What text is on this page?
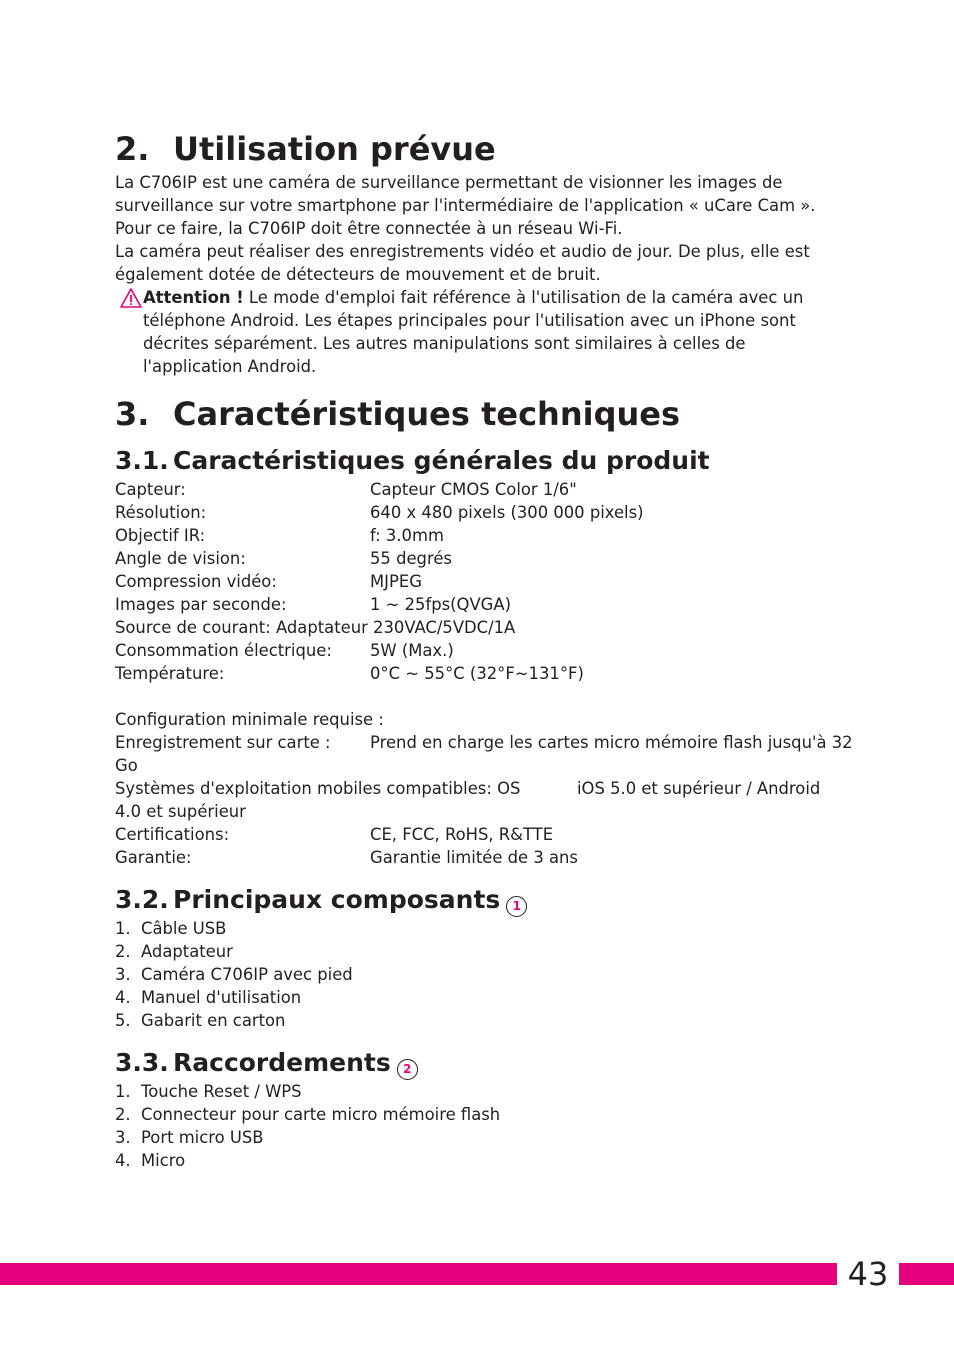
2. Utilisation prévue

La C706IP est une caméra de surveillance permettant de visionner les images de surveillance sur votre smartphone par l'intermédiaire de l'application « uCare Cam ». Pour ce faire, la C706IP doit être connectée à un réseau Wi-Fi.

La caméra peut réaliser des enregistrements vidéo et audio de jour. De plus, elle est également dotée de détecteurs de mouvement et de bruit.

Attention ! Le mode d'emploi fait référence à l'utilisation de la caméra avec un téléphone Android. Les étapes principales pour l'utilisation avec un iPhone sont décrites séparément. Les autres manipulations sont similaires à celles de l'application Android.
3. Caractéristiques techniques
3.1. Caractéristiques générales du produit
Capteur:	Capteur CMOS Color 1/6"
Résolution:	640 x 480 pixels (300 000 pixels)
Objectif IR:	f: 3.0mm
Angle de vision:	55 degrés
Compression vidéo:	MJPEG
Images par seconde:	1 ~ 25fps(QVGA)
Source de courant: Adaptateur 230VAC/5VDC/1A
Consommation électrique:	5W (Max.)
Température:	0°C ~ 55°C (32°F~131°F)
Configuration minimale requise :
Enregistrement sur carte :	Prend en charge les cartes micro mémoire flash jusqu'à 32
Go
Systèmes d'exploitation mobiles compatibles: OS	iOS 5.0 et supérieur / Android
4.0 et supérieur
Certifications:	CE, FCC, RoHS, R&TTE
Garantie:	Garantie limitée de 3 ans
3.2. Principaux composants 1
1. Câble USB
2. Adaptateur
3. Caméra C706IP avec pied
4. Manuel d'utilisation
5. Gabarit en carton
3.3. Raccordements 2
1. Touche Reset / WPS
2. Connecteur pour carte micro mémoire flash
3. Port micro USB
4. Micro
43
